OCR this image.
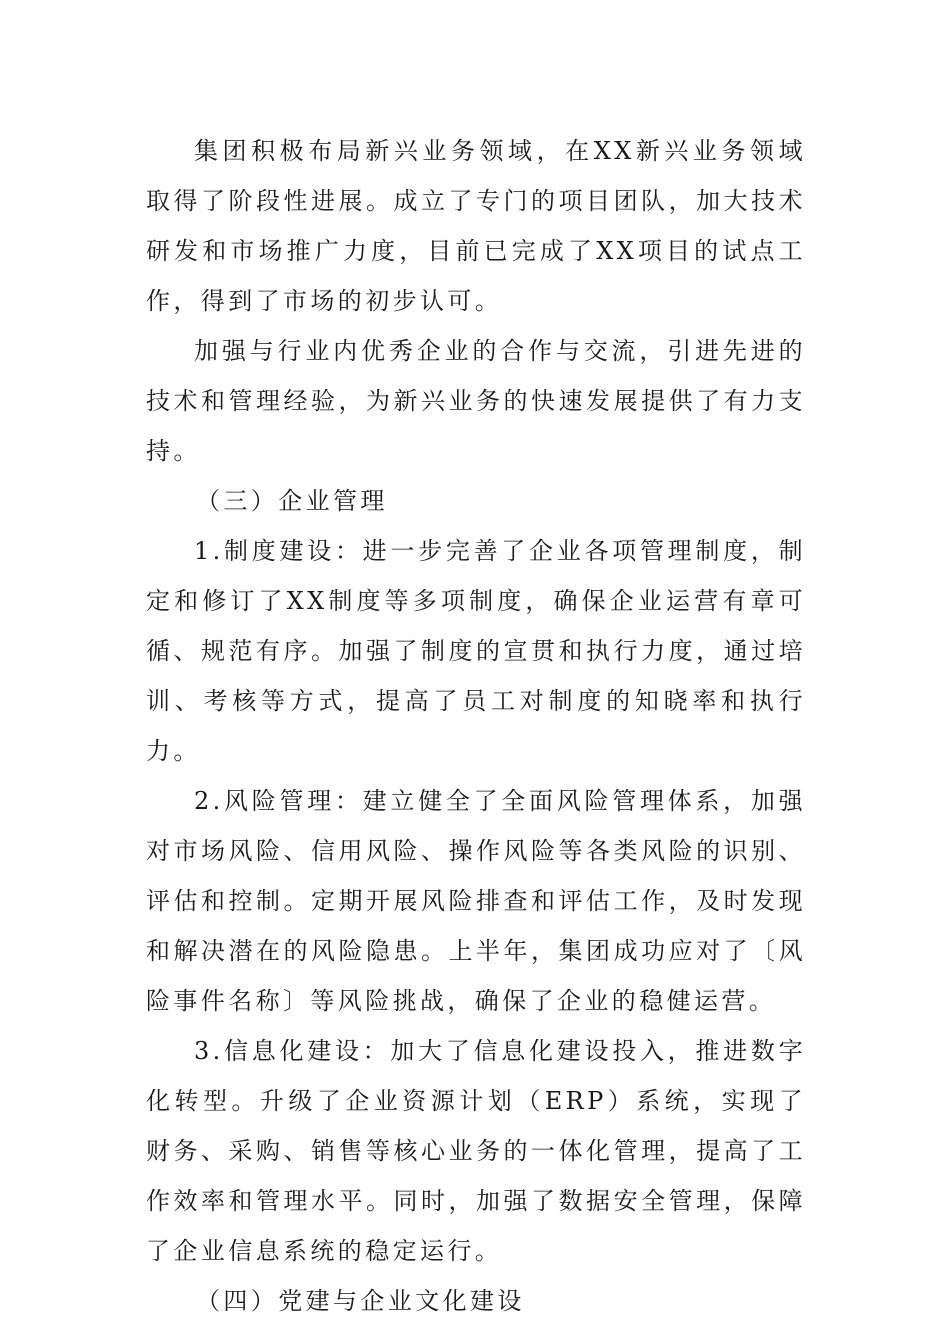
集团积极布局新兴业务领域，在XX新兴业务领域取得了阶段性进展。成立了专门的项目团队，加大技术研发和市场推广力度，目前已完成了XX项目的试点工作，得到了市场的初步认可。

加强与行业内优秀企业的合作与交流，引进先进的技术和管理经验，为新兴业务的快速发展提供了有力支持。

（三）企业管理

1.制度建设：进一步完善了企业各项管理制度，制定和修订了XX制度等多项制度，确保企业运营有章可循、规范有序。加强了制度的宣贯和执行力度，通过培训、考核等方式，提高了员工对制度的知晓率和执行力。

2.风险管理：建立健全了全面风险管理体系，加强对市场风险、信用风险、操作风险等各类风险的识别、评估和控制。定期开展风险排查和评估工作，及时发现和解决潜在的风险隐患。上半年，集团成功应对了〔风险事件名称〕等风险挑战，确保了企业的稳健运营。

3.信息化建设：加大了信息化建设投入，推进数字化转型。升级了企业资源计划（ERP）系统，实现了财务、采购、销售等核心业务的一体化管理，提高了工作效率和管理水平。同时，加强了数据安全管理，保障了企业信息系统的稳定运行。

（四）党建与企业文化建设
